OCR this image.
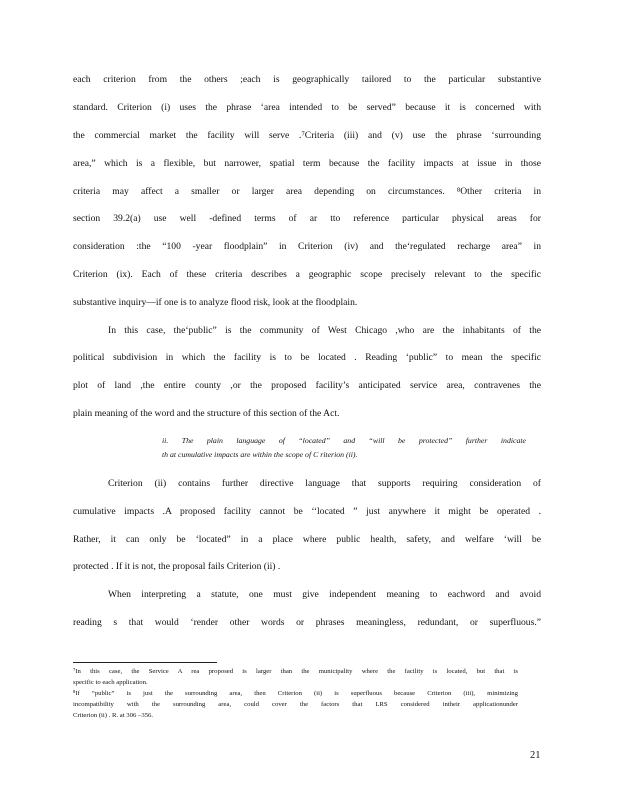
each criterion from the others ;each is geographically tailored to the particular substantive
standard. Criterion (i) uses the phrase ‘area intended to be served” because it is concerned with
the commercial market the facility will serve .⁷Criteria (iii) and (v) use the phrase ‘surrounding
area,” which is a flexible, but narrower, spatial term because the facility impacts at issue in those
criteria may affect a smaller or larger area depending on circumstances. ⁸Other criteria in
section 39.2(a) use well -defined terms of ar tto reference particular physical areas for
consideration :the “100 -year floodplain” in Criterion (iv) and the‘regulated recharge area” in
Criterion (ix). Each of these criteria describes a geographic scope precisely relevant to the specific
substantive inquiry—if one is to analyze flood risk, look at the floodplain.
In this case, the‘public” is the community of West Chicago ,who are the inhabitants of the
political subdivision in which the facility is to be located . Reading ‘public” to mean the specific
plot of land ,the entire county ,or the proposed facility’s anticipated service area, contravenes the
plain meaning of the word and the structure of this section of the Act.
ii. The plain language of “located” and “will be protected” further indicate
th at cumulative impacts are within the scope of C riterion (ii).
Criterion (ii) contains further directive language that supports requiring consideration of
cumulative impacts .A proposed facility cannot be ‘‘located ” just anywhere it might be operated .
Rather, it can only be ‘located” in a place where public health, safety, and welfare ‘will be
protected . If it is not, the proposal fails Criterion (ii) .
When interpreting a statute, one must give independent meaning to eachword and avoid
reading s that would ‘render other words or phrases meaningless, redundant, or superfluous.”
⁷In this case, the Service A rea proposed is larger than the municipality where the facility is located, but that is
specific to each application.
⁸If “public” is just the surrounding area, then Criterion (ii) is superfluous because Criterion (iii), minimizing
incompatibility with the surrounding area, could cover the factors that LRS considered intheir applicationunder
Criterion (ii) . R. at 306 –356.
21
